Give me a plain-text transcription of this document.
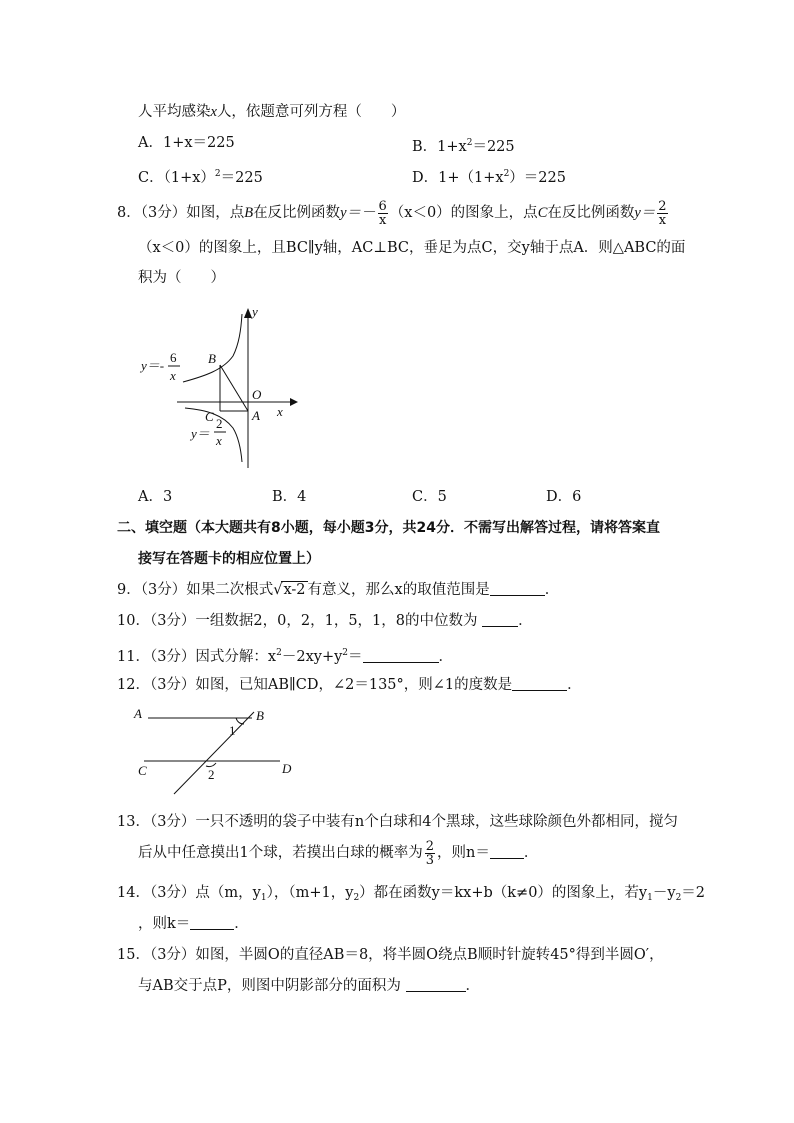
人平均感染x人，依题意可列方程（　　）
A．1+x＝225	B．$1+x^2=225$
C．$(1+x)^2=225$	D．$1+(1+x^2)=225$
8．（3分）如图，点B在反比例函数$y=- \frac{6}{x} (x<0)$的图象上，点C在反比例函数$y= \frac{2}{x}$
（x＜0）的图象上，且BC∥y轴，AC⊥BC，垂足为点C，交y轴于点A．则△ABC的面
积为（　　）
y
x
O
A
B
C
y＝-
6
x
y＝
2
x
A．3	B．4	C．5	D．6
二、填空题（本大题共有8小题，每小题3分，共24分．不需写出解答过程，请将答案直
接写在答题卡的相应位置上）
9．（3分）如果二次根式√x-2 有意义，那么x的取值范围是	．
10．（3分）一组数据2，0，2，1，5，1，8的中位数为	．
11．（3分）因式分解：$x^2-2xy+y^2=$	．
12．（3分）如图，已知AB∥CD，∠2＝135°，则∠1的度数是	．
A	B
C	D
1
2
13．（3分）一只不透明的袋子中装有n个白球和4个黑球，这些球除颜色外都相同，搅匀
后从中任意摸出1个球，若摸出白球的概率为 $\frac{2}{3}$ ，则n＝ ．
14．（3分）点（m，$y_1$），（m+1，$y_2$）都在函数y＝kx+b（k≠0）的图象上，若$y_1-y_2=2$
，则k＝	．
15．（3分）如图，半圆O的直径AB＝8，将半圆O绕点B顺时针旋转45°得到半圆O′，
与AB交于点P，则图中阴影部分的面积为	．
